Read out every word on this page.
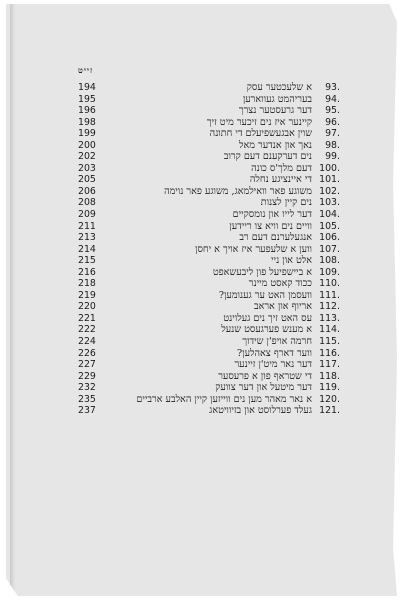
זייט
194	א שלעכטער עסק	93.
195	בעריהמט געווארען	94.
196	דער גרעסטער נצרך	95.
198	קיינער איז נים זיכער מיט זיך	96.
199	שוין אבגעשפיעלם די חתונה	97.
200	נאך און אנדער מאל	98.
202	נים דערקענם דעם קרוב	99.
203	דעם מלך'ס כונה 100.
205	די איינציגע נחלה 101.
206	משוגע פאר וואילמאג, משוגע פאר נוימה 102.
208	נים קיין לצנות 103.
209	דער לייו און נומסקיים 104.
211	וויים נים וויא צו ריידען 105.
213	אנגעלערנם דעם רב 106.
214	ווען א שלעפער איז אויך א יחסן 107.
215	אלט און ניי 108.
216	א ביישפיעל פון ליבעשאפט 109.
218	ככוד קאסט מיינר 110.
219	וועסמן האט ער גענומען? 111.
220	אריוף און אראב 112.
221	עס האט זיך נים געלוינט 113.
222	א מענש פערגעסט שנעל 114.
224	חרמה אויפ'ן שידוך 115.
226	ווער דארף צאהלען? 116.
227	דער נאר מיט'ן זיינער 117.
229	די שטראף פון א פרעסער 118.
232	דער מיטעל און דער צוועק 119.
235	א נאר מאהר מען נים ווייזען קיין האלבע ארביים 120.
237	געלד פערלוסט און בזיוויטאג 121.
